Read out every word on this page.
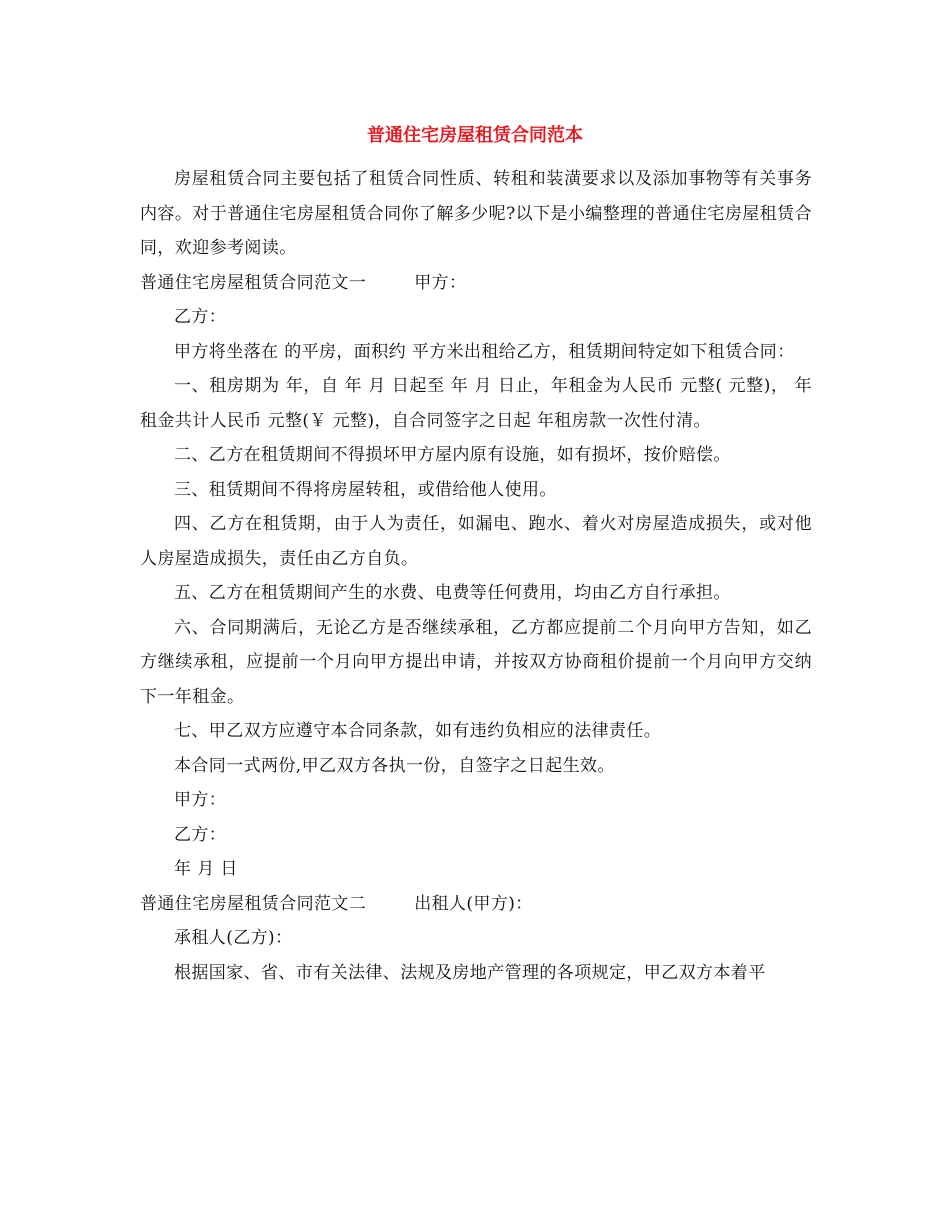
普通住宅房屋租赁合同范本

房屋租赁合同主要包括了租赁合同性质、转租和装潢要求以及添加事物等有关事务内容。对于普通住宅房屋租赁合同你了解多少呢?以下是小编整理的普通住宅房屋租赁合同，欢迎参考阅读。

普通住宅房屋租赁合同范文一	甲方：

乙方：

甲方将坐落在 的平房，面积约 平方米出租给乙方，租赁期间特定如下租赁合同：

一、租房期为 年，自 年 月 日起至 年 月 日止，年租金为人民币 元整( 元整)， 年租金共计人民币 元整(￥ 元整)，自合同签字之日起 年租房款一次性付清。

二、乙方在租赁期间不得损坏甲方屋内原有设施，如有损坏，按价赔偿。

三、租赁期间不得将房屋转租，或借给他人使用。

四、乙方在租赁期，由于人为责任，如漏电、跑水、着火对房屋造成损失，或对他人房屋造成损失，责任由乙方自负。

五、乙方在租赁期间产生的水费、电费等任何费用，均由乙方自行承担。

六、合同期满后，无论乙方是否继续承租，乙方都应提前二个月向甲方告知，如乙方继续承租，应提前一个月向甲方提出申请，并按双方协商租价提前一个月向甲方交纳下一年租金。

七、甲乙双方应遵守本合同条款，如有违约负相应的法律责任。

本合同一式两份,甲乙双方各执一份，自签字之日起生效。

甲方：

乙方：

年 月 日

普通住宅房屋租赁合同范文二	出租人(甲方)：

承租人(乙方)：

根据国家、省、市有关法律、法规及房地产管理的各项规定，甲乙双方本着平
